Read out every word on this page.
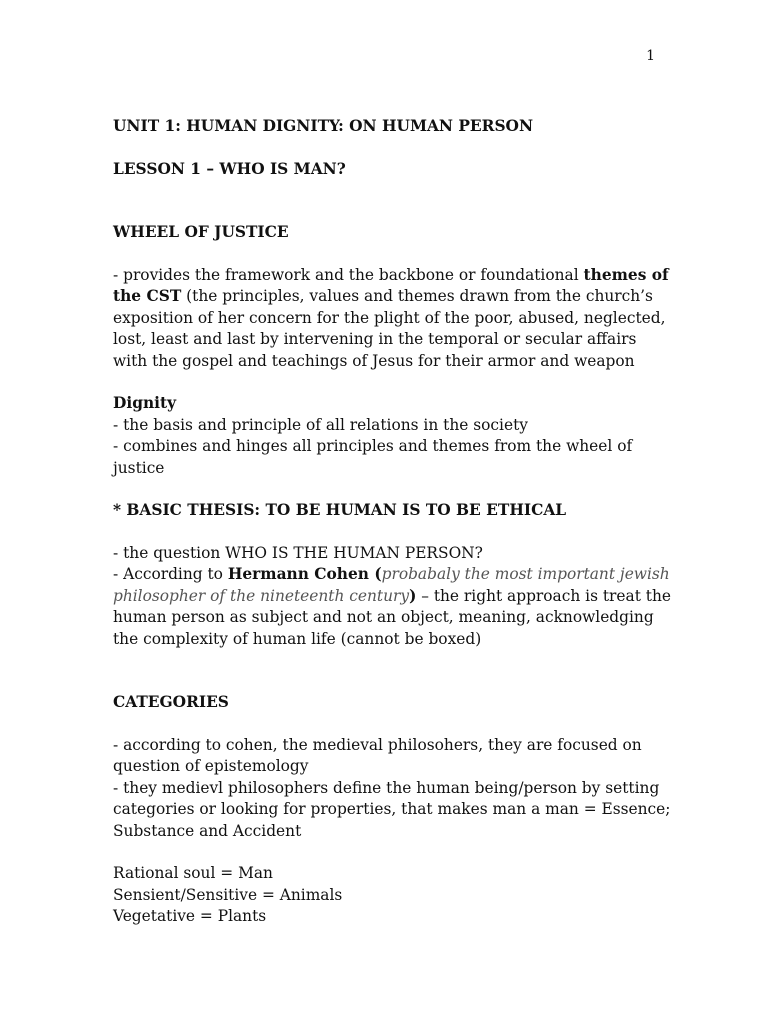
1

UNIT 1: HUMAN DIGNITY: ON HUMAN PERSON

LESSON 1 – WHO IS MAN?

WHEEL OF JUSTICE

- provides the framework and the backbone or foundational themes of the CST (the principles, values and themes drawn from the church’s exposition of her concern for the plight of the poor, abused, neglected, lost, least and last by intervening in the temporal or secular affairs with the gospel and teachings of Jesus for their armor and weapon

Dignity

- the basis and principle of all relations in the society

- combines and hinges all principles and themes from the wheel of justice

* BASIC THESIS: TO BE HUMAN IS TO BE ETHICAL

- the question WHO IS THE HUMAN PERSON?

- According to Hermann Cohen (probabaly the most important jewish philosopher of the nineteenth century) – the right approach is treat the human person as subject and not an object, meaning, acknowledging the complexity of human life (cannot be boxed)

CATEGORIES

- according to cohen, the medieval philosohers, they are focused on question of epistemology

- they medievl philosophers define the human being/person by setting categories or looking for properties, that makes man a man = Essence; Substance and Accident

Rational soul = Man

Sensient/Sensitive = Animals

Vegetative = Plants
